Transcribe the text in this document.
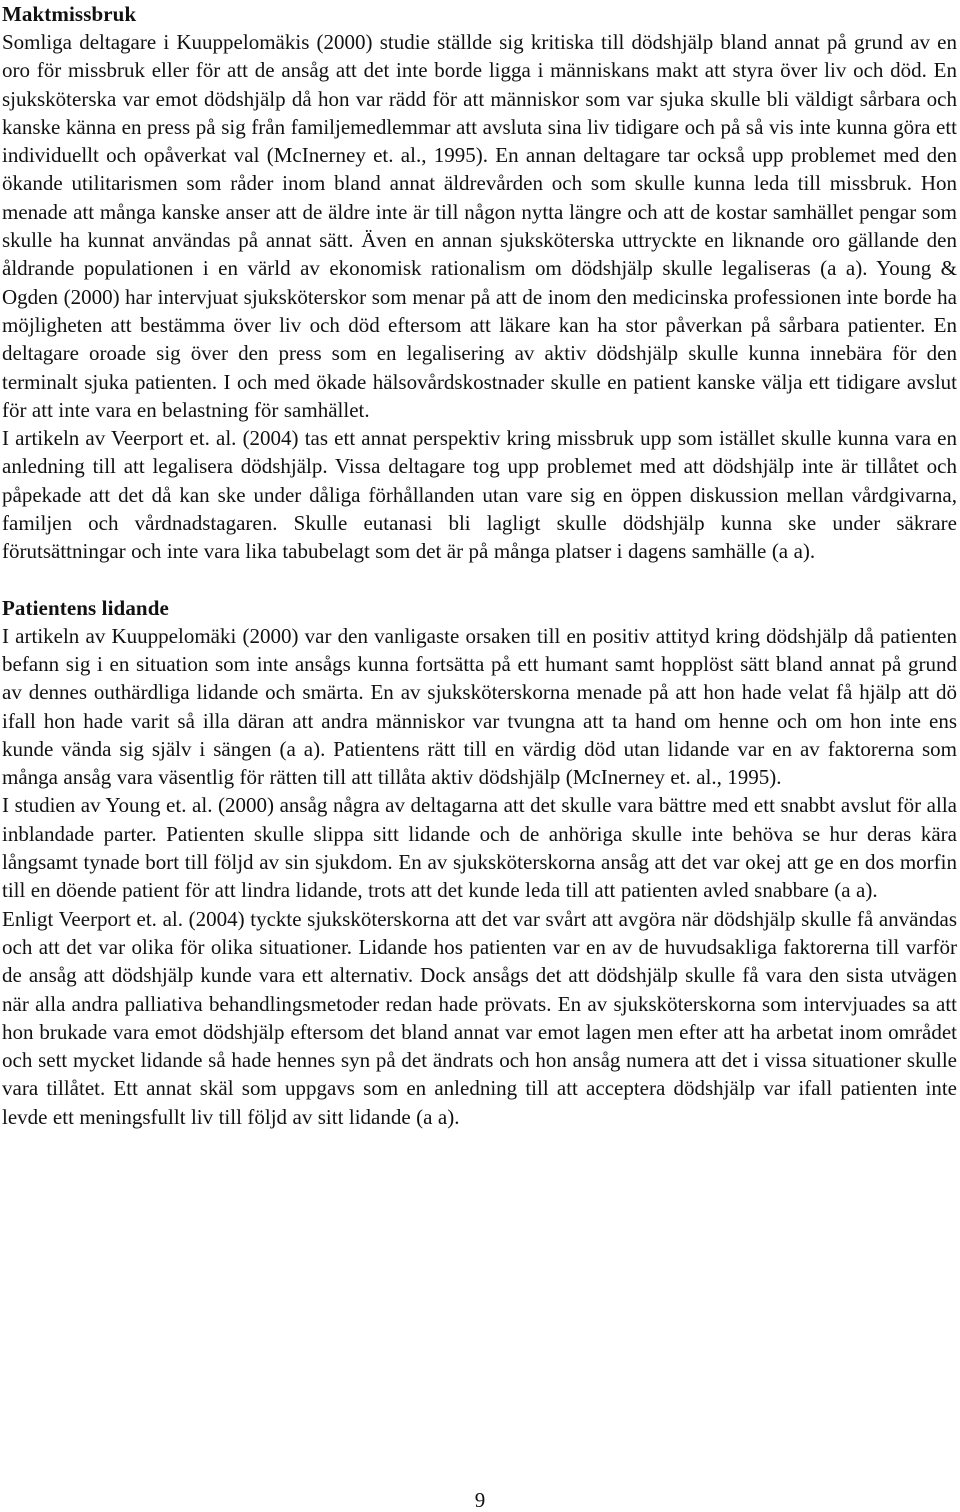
Maktmissbruk

Somliga deltagare i Kuuppelomäkis (2000) studie ställde sig kritiska till dödshjälp bland annat på grund av en oro för missbruk eller för att de ansåg att det inte borde ligga i människans makt att styra över liv och död. En sjuksköterska var emot dödshjälp då hon var rädd för att människor som var sjuka skulle bli väldigt sårbara och kanske känna en press på sig från familjemedlemmar att avsluta sina liv tidigare och på så vis inte kunna göra ett individuellt och opåverkat val (McInerney et. al., 1995). En annan deltagare tar också upp problemet med den ökande utilitarismen som råder inom bland annat äldrevården och som skulle kunna leda till missbruk. Hon menade att många kanske anser att de äldre inte är till någon nytta längre och att de kostar samhället pengar som skulle ha kunnat användas på annat sätt. Även en annan sjuksköterska uttryckte en liknande oro gällande den åldrande populationen i en värld av ekonomisk rationalism om dödshjälp skulle legaliseras (a a). Young & Ogden (2000) har intervjuat sjuksköterskor som menar på att de inom den medicinska professionen inte borde ha möjligheten att bestämma över liv och död eftersom att läkare kan ha stor påverkan på sårbara patienter. En deltagare oroade sig över den press som en legalisering av aktiv dödshjälp skulle kunna innebära för den terminalt sjuka patienten. I och med ökade hälsovårdskostnader skulle en patient kanske välja ett tidigare avslut för att inte vara en belastning för samhället.

I artikeln av Veerport et. al. (2004) tas ett annat perspektiv kring missbruk upp som istället skulle kunna vara en anledning till att legalisera dödshjälp. Vissa deltagare tog upp problemet med att dödshjälp inte är tillåtet och påpekade att det då kan ske under dåliga förhållanden utan vare sig en öppen diskussion mellan vårdgivarna, familjen och vårdnadstagaren. Skulle eutanasi bli lagligt skulle dödshjälp kunna ske under säkrare förutsättningar och inte vara lika tabubelagt som det är på många platser i dagens samhälle (a a).

Patientens lidande

I artikeln av Kuuppelomäki (2000) var den vanligaste orsaken till en positiv attityd kring dödshjälp då patienten befann sig i en situation som inte ansågs kunna fortsätta på ett humant samt hopplöst sätt bland annat på grund av dennes outhärdliga lidande och smärta. En av sjuksköterskorna menade på att hon hade velat få hjälp att dö ifall hon hade varit så illa däran att andra människor var tvungna att ta hand om henne och om hon inte ens kunde vända sig själv i sängen (a a). Patientens rätt till en värdig död utan lidande var en av faktorerna som många ansåg vara väsentlig för rätten till att tillåta aktiv dödshjälp (McInerney et. al., 1995).

I studien av Young et. al. (2000) ansåg några av deltagarna att det skulle vara bättre med ett snabbt avslut för alla inblandade parter. Patienten skulle slippa sitt lidande och de anhöriga skulle inte behöva se hur deras kära långsamt tynade bort till följd av sin sjukdom. En av sjuksköterskorna ansåg att det var okej att ge en dos morfin till en döende patient för att lindra lidande, trots att det kunde leda till att patienten avled snabbare (a a).

Enligt Veerport et. al. (2004) tyckte sjuksköterskorna att det var svårt att avgöra när dödshjälp skulle få användas och att det var olika för olika situationer. Lidande hos patienten var en av de huvudsakliga faktorerna till varför de ansåg att dödshjälp kunde vara ett alternativ. Dock ansågs det att dödshjälp skulle få vara den sista utvägen när alla andra palliativa behandlingsmetoder redan hade prövats. En av sjuksköterskorna som intervjuades sa att hon brukade vara emot dödshjälp eftersom det bland annat var emot lagen men efter att ha arbetat inom området och sett mycket lidande så hade hennes syn på det ändrats och hon ansåg numera att det i vissa situationer skulle vara tillåtet. Ett annat skäl som uppgavs som en anledning till att acceptera dödshjälp var ifall patienten inte levde ett meningsfullt liv till följd av sitt lidande (a a).

9
